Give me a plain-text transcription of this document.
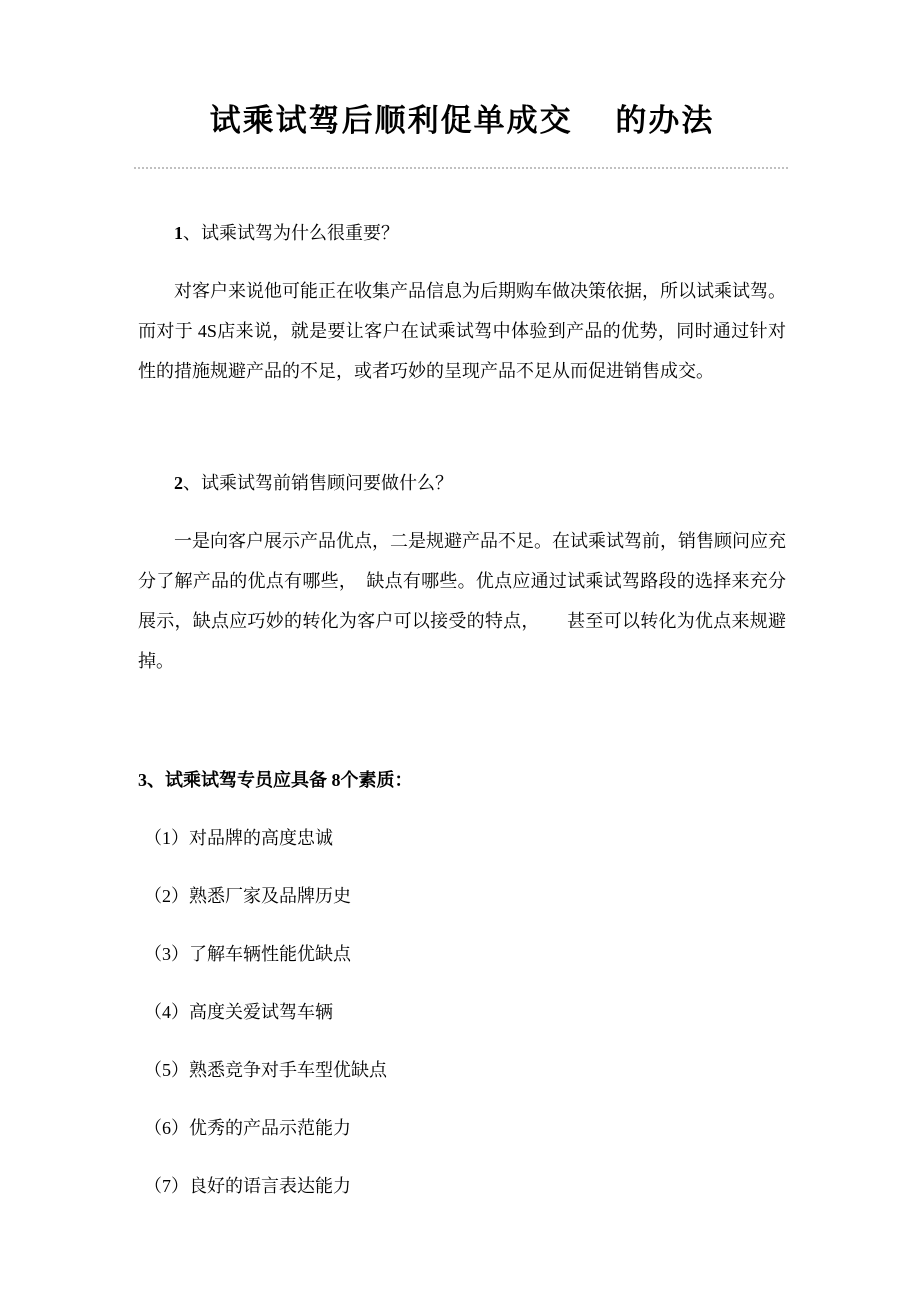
试乘试驾后顺利促单成交　 的办法

1、试乘试驾为什么很重要？

对客户来说他可能正在收集产品信息为后期购车做决策依据，所以试乘试驾。而对于 4S店来说，就是要让客户在试乘试驾中体验到产品的优势，同时通过针对性的措施规避产品的不足，或者巧妙的呈现产品不足从而促进销售成交。

2、试乘试驾前销售顾问要做什么？

一是向客户展示产品优点，二是规避产品不足。在试乘试驾前，销售顾问应充分了解产品的优点有哪些，　缺点有哪些。优点应通过试乘试驾路段的选择来充分展示，缺点应巧妙的转化为客户可以接受的特点，　　甚至可以转化为优点来规避掉。

3、试乘试驾专员应具备 8个素质：

（1）对品牌的高度忠诚

（2）熟悉厂家及品牌历史

（3）了解车辆性能优缺点

（4）高度关爱试驾车辆

（5）熟悉竞争对手车型优缺点

（6）优秀的产品示范能力

（7）良好的语言表达能力
